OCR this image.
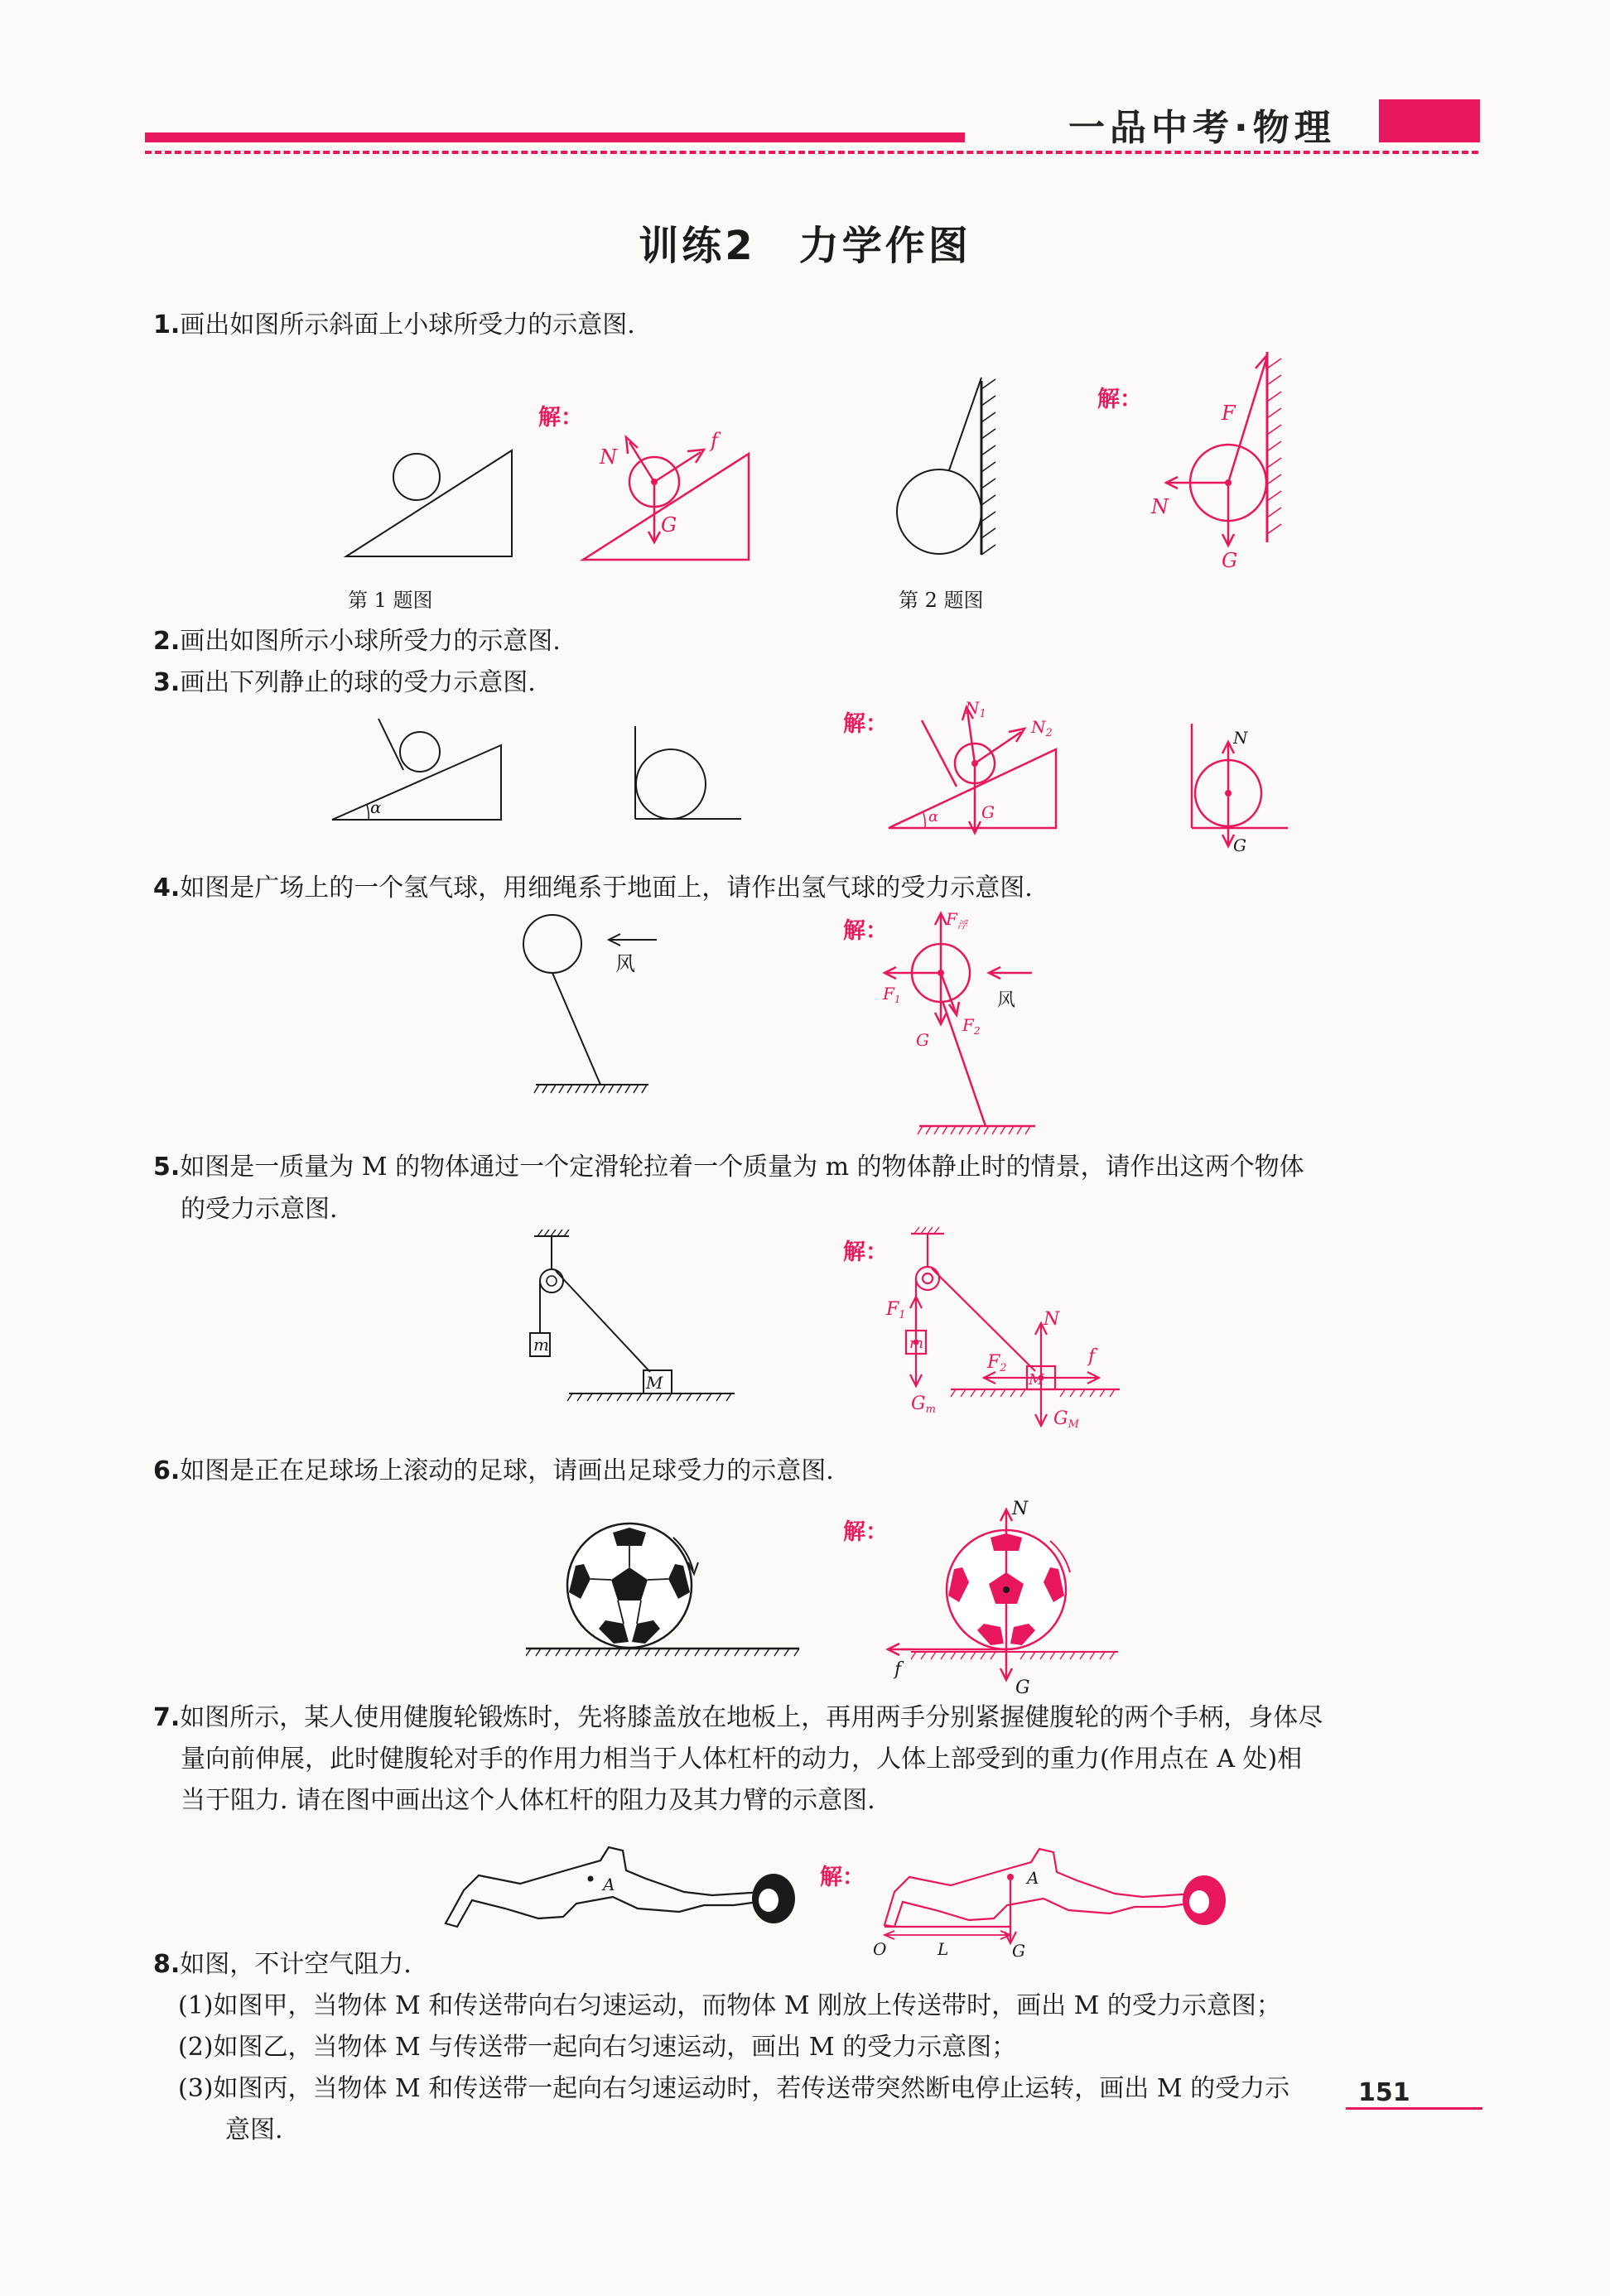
一品中考·物理
训练2　力学作图
1.画出如图所示斜面上小球所受力的示意图.
第 1 题图
解：
N
f
G
第 2 题图
解：
F
N
G
2.画出如图所示小球所受力的示意图.
3.画出下列静止的球的受力示意图.
α
解：
$N_1$
$N_2$
G
α
N
G
4.如图是广场上的一个氢气球，用细绳系于地面上，请作出氢气球的受力示意图.
风
解：	$F_浮$
$F_1$
$F_2$
G
风
5.如图是一质量为 M 的物体通过一个定滑轮拉着一个质量为 m 的物体静止时的情景，请作出这两个物体
的受力示意图.
m
M
解：
m
M
F1
F2
N
f
Gm	GM
6.如图是正在足球场上滚动的足球，请画出足球受力的示意图.
解：
N
f
G
7.如图所示，某人使用健腹轮锻炼时，先将膝盖放在地板上，再用两手分别紧握健腹轮的两个手柄，身体尽
量向前伸展，此时健腹轮对手的作用力相当于人体杠杆的动力，人体上部受到的重力(作用点在 A 处)相
当于阻力. 请在图中画出这个人体杠杆的阻力及其力臂的示意图.
A	解：	A
O	L	G
8.如图，不计空气阻力.
(1)如图甲，当物体 M 和传送带向右匀速运动，而物体 M 刚放上传送带时，画出 M 的受力示意图；
(2)如图乙，当物体 M 与传送带一起向右匀速运动，画出 M 的受力示意图；
(3)如图丙，当物体 M 和传送带一起向右匀速运动时，若传送带突然断电停止运转，画出 M 的受力示
意图.
151
